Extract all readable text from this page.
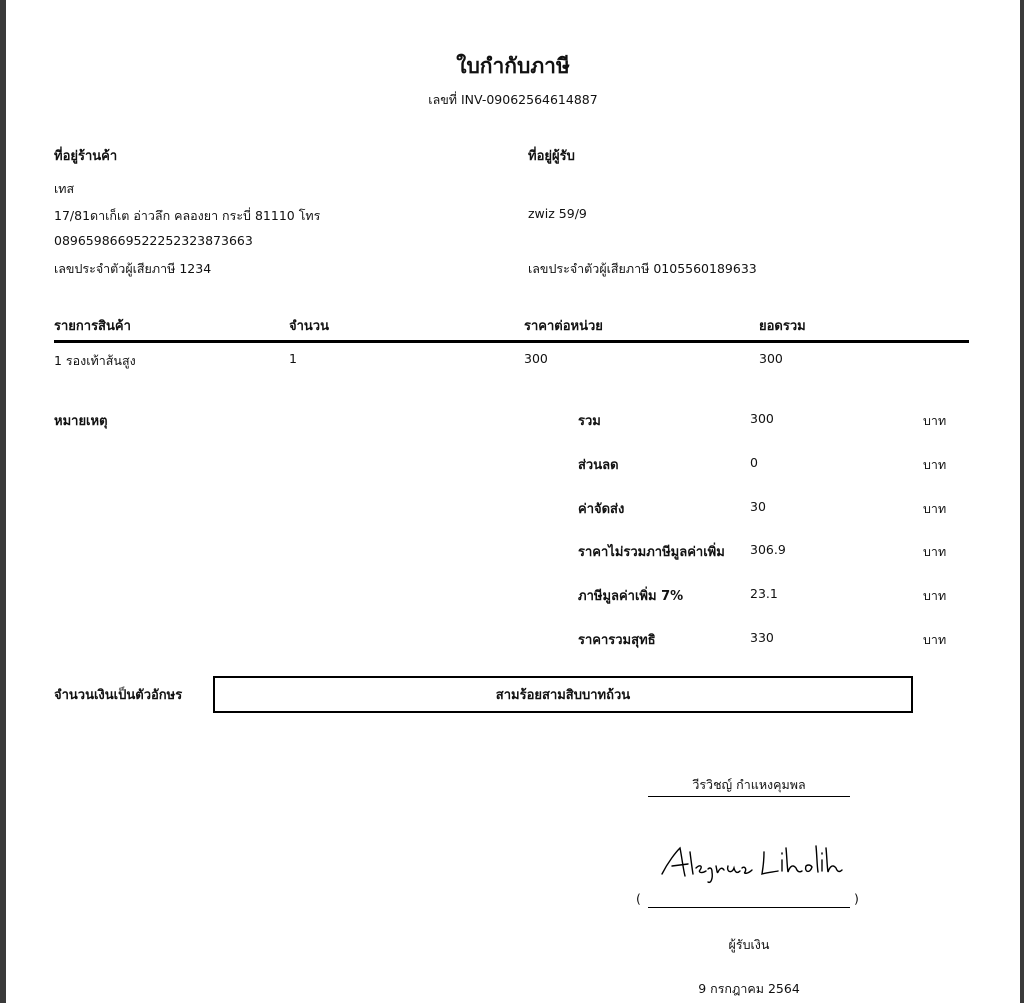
ใบกำกับภาษี
เลขที่ INV-09062564614887
ที่อยู่ร้านค้า
เทส
17/81ดาเก็เต อ่าวลึก คลองยา กระบี่ 81110 โทร
0896598669522252323873663
เลขประจำตัวผู้เสียภาษี 1234
ที่อยู่ผู้รับ
zwiz 59/9
เลขประจำตัวผู้เสียภาษี 0105560189633
รายการสินค้า	จำนวน	ราคาต่อหน่วย	ยอดรวม
1 รองเท้าส้นสูง	1	300	300
หมายเหตุ	รวม	300	บาท
ส่วนลด	0	บาท
ค่าจัดส่ง	30	บาท
ราคาไม่รวมภาษีมูลค่าเพิ่ม 306.9	บาท
ภาษีมูลค่าเพิ่ม 7%	23.1	บาท
ราคารวมสุทธิ	330	บาท
จำนวนเงินเป็นตัวอักษร	สามร้อยสามสิบบาทถ้วน
วีรวิชญ์ กำแหงคุมพล
(	)
ผู้รับเงิน
9 กรกฎาคม 2564
